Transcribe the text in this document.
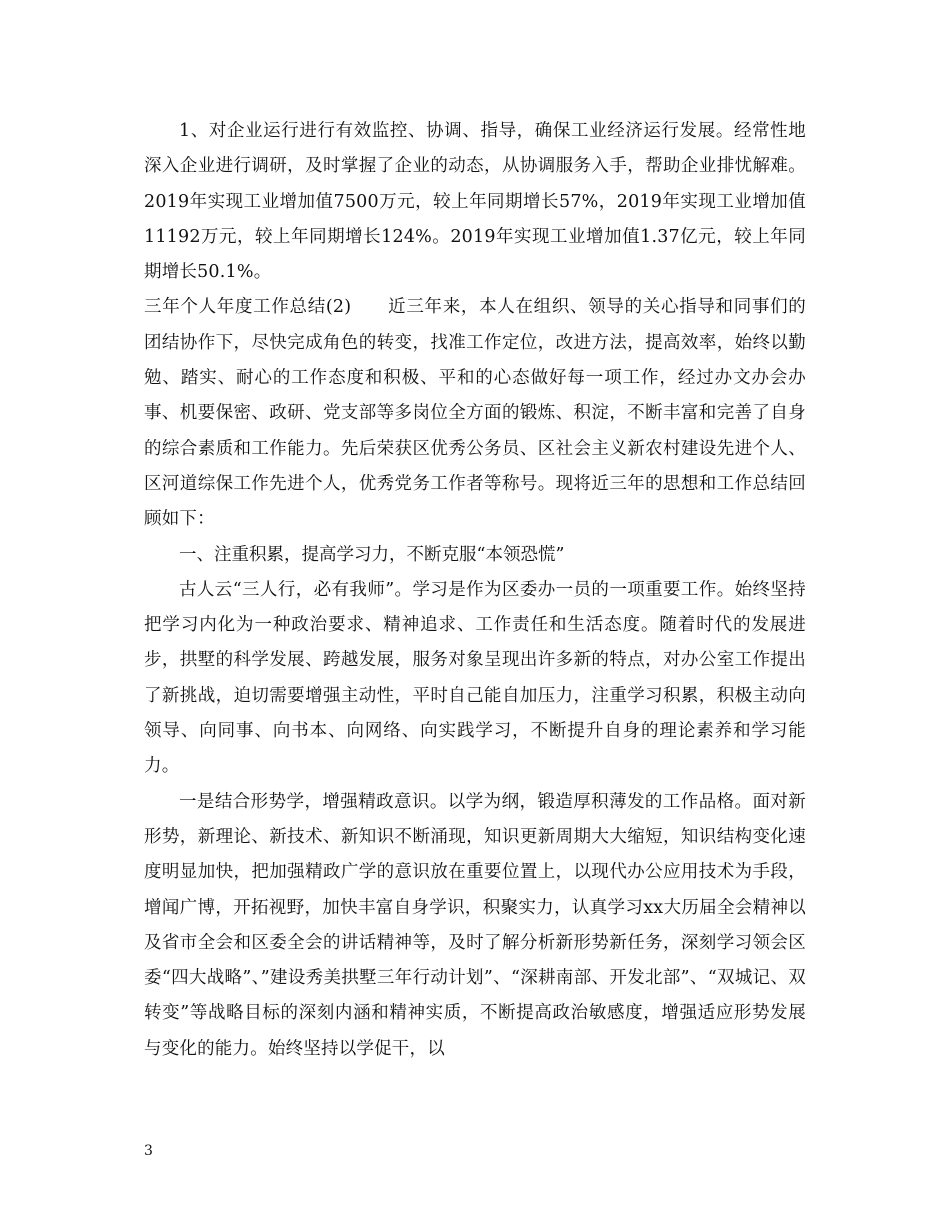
1、对企业运行进行有效监控、协调、指导，确保工业经济运行发展。经常性地深入企业进行调研，及时掌握了企业的动态，从协调服务入手，帮助企业排忧解难。2019年实现工业增加值7500万元，较上年同期增长57%，2019年实现工业增加值11192万元，较上年同期增长124%。2019年实现工业增加值1.37亿元，较上年同期增长50.1%。

三年个人年度工作总结(2)　　近三年来，本人在组织、领导的关心指导和同事们的团结协作下，尽快完成角色的转变，找准工作定位，改进方法，提高效率，始终以勤勉、踏实、耐心的工作态度和积极、平和的心态做好每一项工作，经过办文办会办事、机要保密、政研、党支部等多岗位全方面的锻炼、积淀，不断丰富和完善了自身的综合素质和工作能力。先后荣获区优秀公务员、区社会主义新农村建设先进个人、区河道综保工作先进个人，优秀党务工作者等称号。现将近三年的思想和工作总结回顾如下：

一、注重积累，提高学习力，不断克服“本领恐慌”

古人云“三人行，必有我师”。学习是作为区委办一员的一项重要工作。始终坚持把学习内化为一种政治要求、精神追求、工作责任和生活态度。随着时代的发展进步，拱墅的科学发展、跨越发展，服务对象呈现出许多新的特点，对办公室工作提出了新挑战，迫切需要增强主动性，平时自己能自加压力，注重学习积累，积极主动向领导、向同事、向书本、向网络、向实践学习，不断提升自身的理论素养和学习能力。

一是结合形势学，增强精政意识。以学为纲，锻造厚积薄发的工作品格。面对新形势，新理论、新技术、新知识不断涌现，知识更新周期大大缩短，知识结构变化速度明显加快，把加强精政广学的意识放在重要位置上，以现代办公应用技术为手段，增闻广博，开拓视野，加快丰富自身学识，积聚实力，认真学习xx大历届全会精神以及省市全会和区委全会的讲话精神等，及时了解分析新形势新任务，深刻学习领会区委“四大战略”、”建设秀美拱墅三年行动计划”、“深耕南部、开发北部”、“双城记、双转变”等战略目标的深刻内涵和精神实质，不断提高政治敏感度，增强适应形势发展与变化的能力。始终坚持以学促干，以

3
